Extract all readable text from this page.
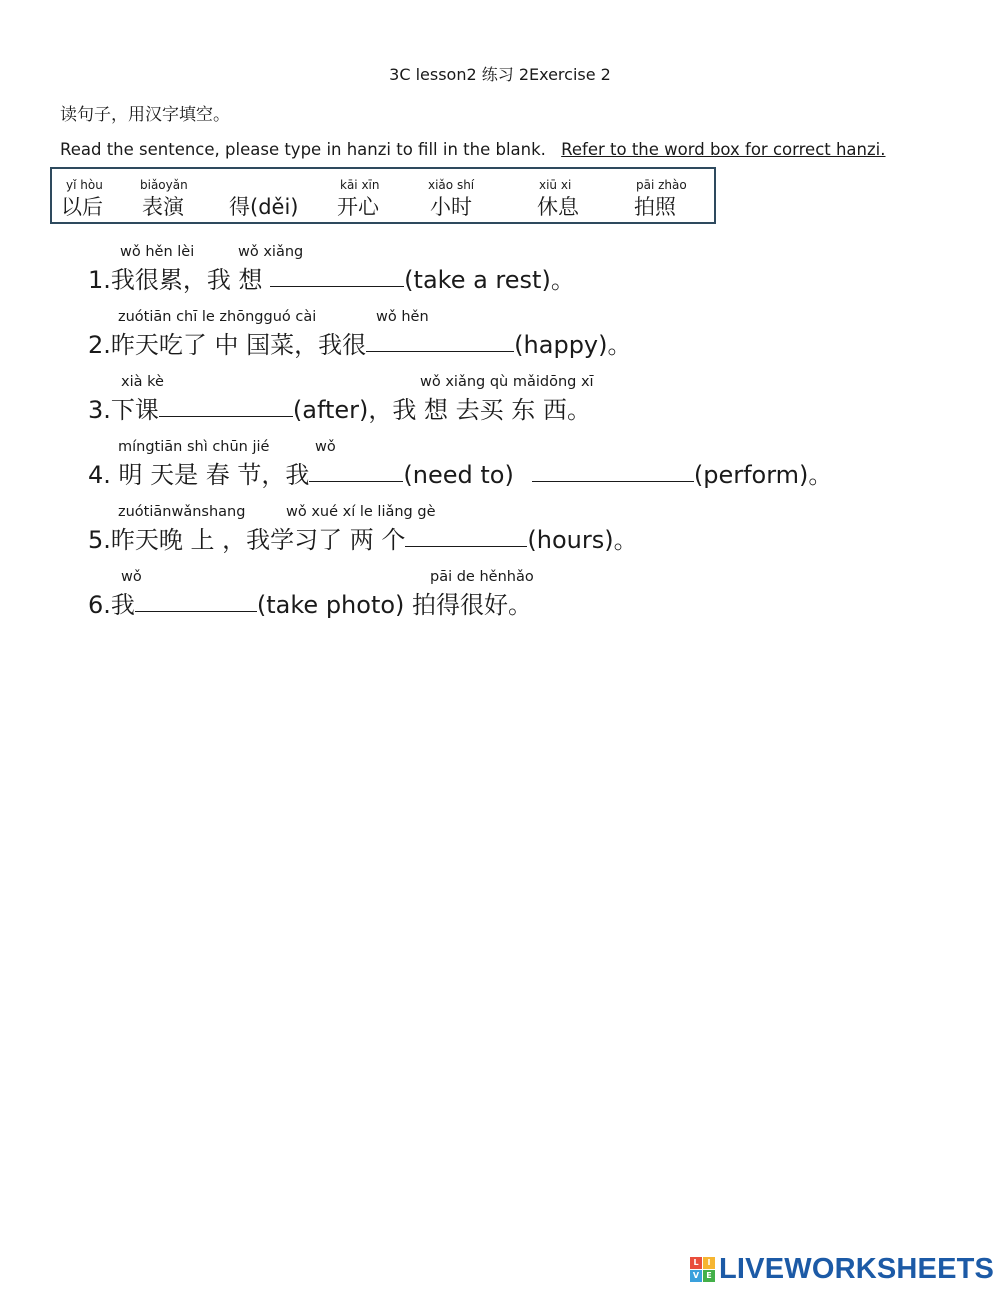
3C lesson2 练习 2Exercise 2
读句子，用汉字填空。
Read the sentence, please type in hanzi to fill in the blank. Refer to the word box for correct hanzi.
yǐ hòu
以后
biǎoyǎn
表演 得(děi)
kāi xīn
开心
xiǎo shí
小时
xiū xi
休息
pāi zhào
拍照
wǒ hěn lèi	wǒ xiǎng
1.我很累，我 想	(take a rest)。
zuótiān chī le zhōngguó cài	wǒ hěn
2.昨天吃了 中 国菜，我很	(happy)。
xià kè	wǒ xiǎng qù mǎidōng xī
3.下课	(after)，我 想 去买 东 西。
míngtiān shì chūn jié	wǒ
4. 明 天是 春 节，我	(need to)	(perform)。
zuótiānwǎnshang	wǒ xué xí le liǎng gè
5.昨天晚 上 ，我学习了 两 个	(hours)。
wǒ	pāi de hěnhǎo
6.我	(take photo) 拍得很好。
L	I
V E LIVEWORKSHEETS
